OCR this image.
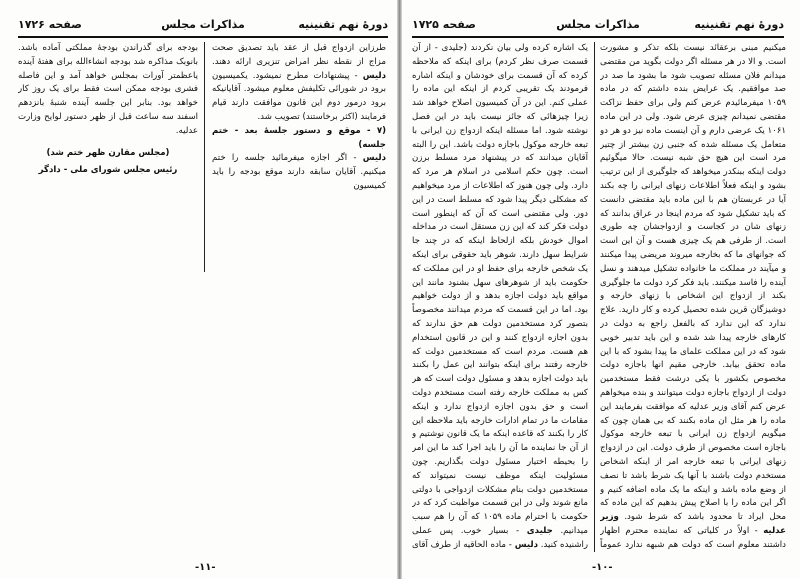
دورهٔ نهم تقنینیه
مذاکرات مجلس
صفحه ۱۷۲۶

طرزاین ازدواج قبل از عقد باید تصدیق صحت مزاج از نقطه نظر امراض تنزیری ارائه دهند. دلیس - پیشنهادات مطرح نمیشود. یکمیسیون برود در شورائی تکلیفش معلوم میشود. آقایانیکه برود درمور دوم این قانون موافقت دارند قیام فرمایند (اکثر برخاستند) تصویب شد.
(۷ - موقع و دستور جلسهٔ بعد - ختم جلسه)
دلیس - اگر اجازه میفرمائید جلسه را ختم میکنیم. آقایان سابقه دارند موقع بودجه را باید کمیسیون

بودجه برای گذراندن بودجهٔ مملکتی آماده باشد. بانوبک مذاکره شد بودجه انشاءالله برای هفتهٔ آینده یاعظمتر آورات بمجلس خواهد آمد و این فاصله فشری بودجه ممکن است فقط برای یک روز کار خواهد بود. بنابر این جلسه آینده شنبهٔ بانزدهم اسفند سه ساعت قبل از ظهر دستور لوایح وزارت عدلیه.

(مجلس مقارن ظهر ختم شد)

رئیس مجلس شورای ملی - دادگر

-۱۱-
دورهٔ نهم تقنینیه
مذاکرات مجلس
صفحه ۱۷۲۵

میکنیم مبنی برعقائد نیست بلکه تذکر و مشورت است. و الا در هر مسئله اگر دولت بگوید من مقتضی میدانم فلان مسئله تصویب شود ما بشود ما صد در صد موافقیم. یک عرایض بنده داشتم که در ماده ۱۰۵۹ میفرمائیدم عرض کنم ولی برای حفظ نزاکت مقتضی نمیدانم چیزی عرض شود. ولی در این ماده ۱۰۶۱ یک عرضی دارم و آن اینست ماده نیز دو هر دو متعامل یک مسئله شده که جنبی زن بیشتر از چتیر مرد است این هیچ حق شبه نیست. حالا میگوئیم دولت اینکه ببنکدر میخواهد که جلوگیری از این ترتیب بشود و اینکه فعلاً اطلاعات زنهای ایرانی را چه بکند آیا در عربستان هم با این ماده باید مقتضی دانست که باید تشکیل شود که مردم اینجا در عراق بدانند که زنهای شان در کجاست و ازدواجشان چه طوری است. از طرفی هم یک چیزی هست و آن این است که جوانهای ما که بخارجه میروند مریضی پیدا میکنند و میآیند در مملکت ما خانواده تشکیل میدهند و نسل آینده را فاسد میکنند. باید فکر کرد دولت ما جلوگیری بکند از ازدواج این اشخاص با زنهای خارجه و دوشیزگان قرین شده تحصیل کرده و کار دارید. علاج ندارد که این ندارد که بالفعل راجع به دولت در کارهای خارجه پیدا شد شده و این باید تدبیر خوبی شود که در این مملکت علمای ما پیدا بشود که با این ماده تحقق بیابد. خارجی مقیم انها باجازه دولت مخصوص بکشور با یکی درشت فقط مستخدمین دولت از ازدواج باجازه دولت میتوانند و بنده میخواهم عرض کنم آقای وزیر عدلیه که موافقت بفرمایند این ماده را هر مثل ان ماده بکنند که بی همان چون که میگویم ازدواج زن ایرانی با تبعه خارجه موکول باجازه است مخصوص از طرف دولت. این در ازدواج زنهای ایرانی با تبعه خارجه امر از اینکه اشخاص مستخدم دولت باشند با آنها یک شرط باشد تا نصف از وضع ماده باشد و اینکه ما یک ماده اضافه کنیم و اگر این ماده را با اصلاح پیش بدهیم که این ماده که محل ایراد تا محدود باشد که شرط شود. وزیر عدلیه - اولاً در کلیاتی که نماینده محترم اظهار داشتند معلوم است که دولت هم شبهه ندارد عموماً

یک اشاره کرده ولی بیان نکردند (جلیدی - از آن قسمت صرف نظر کردم) برای اینکه که ملاحظه کرده که آن قسمت برای خودشان و اینکه اشاره فرمودند یک تقریبی کردم از اینکه این ماده را عملی کنم. این در آن کمیسیون اصلاح خواهد شد زیرا چیزهائی که جائز نیست باید در این فصل نوشته شود. اما مسئله اینکه ازدواج زن ایرانی با تبعه خارجه موکول باجازه دولت باشد. این را البته آقایان میدانند که در پیشنهاد مرد مسلط برزن است. چون حکم اسلامی در اسلام هر مرد که دارد. ولی چون هنوز که اطلاعات از مرد میخواهیم که مشکلی دیگر پیدا شود که مسلط است در این دور. ولی مقتضی است که آن که اینطور است دولت فکر کند که این زن مستقل است در مداخله اموال خودش بلکه ازلحاظ اینکه که در چند جا شرایط سهل دارند. شوهر باید حقوقی برای اینکه یک شخص خارجه برای حفظ او در این مملکت که حکومت باید از شوهرهای سهل بشنود مانند این مواقع باید دولت اجازه بدهد و از دولت خواهیم بود. اما در این قسمت که مردم میدانند مخصوصاً بتصور کرد مستخدمین دولت هم حق ندارند که بدون اجازه ازدواج کنند و این در قانون استخدام هم هست. مردم است که مستخدمین دولت که خارجه رفتند برای اینکه بتوانند این عمل را بکنند باید دولت اجازه بدهد و مسئول دولت است که هر کس به مملکت خارجه رفته است مستخدم دولت است و حق بدون اجازه ازدواج ندارد و اینکه مقامات ما در تمام ادارات خارجه باید ملاحظه این کار را بکنند که قاعده اینکه ما یک قانون نوشتیم و از آن جا نماینده ما آن را باید اجرا کند ما این امر را بحیطه اختیار مسئول دولت بگذاریم. چون مسئولیت اینکه موظف نیست نمیتواند که مستخدمین دولت بنام مشکلات ازدواجی با دولتی مانع شوند ولی در این قسمت مواظبت کرد که در حکومت با احترام ماده ۱۰۵۹ که آن را هم سبب میدانیم. جلیدی - بسیار خوب. پس عملی راشنیده کنید. دلیس - ماده الحاقیه از طرف آقای

-۱۰-
